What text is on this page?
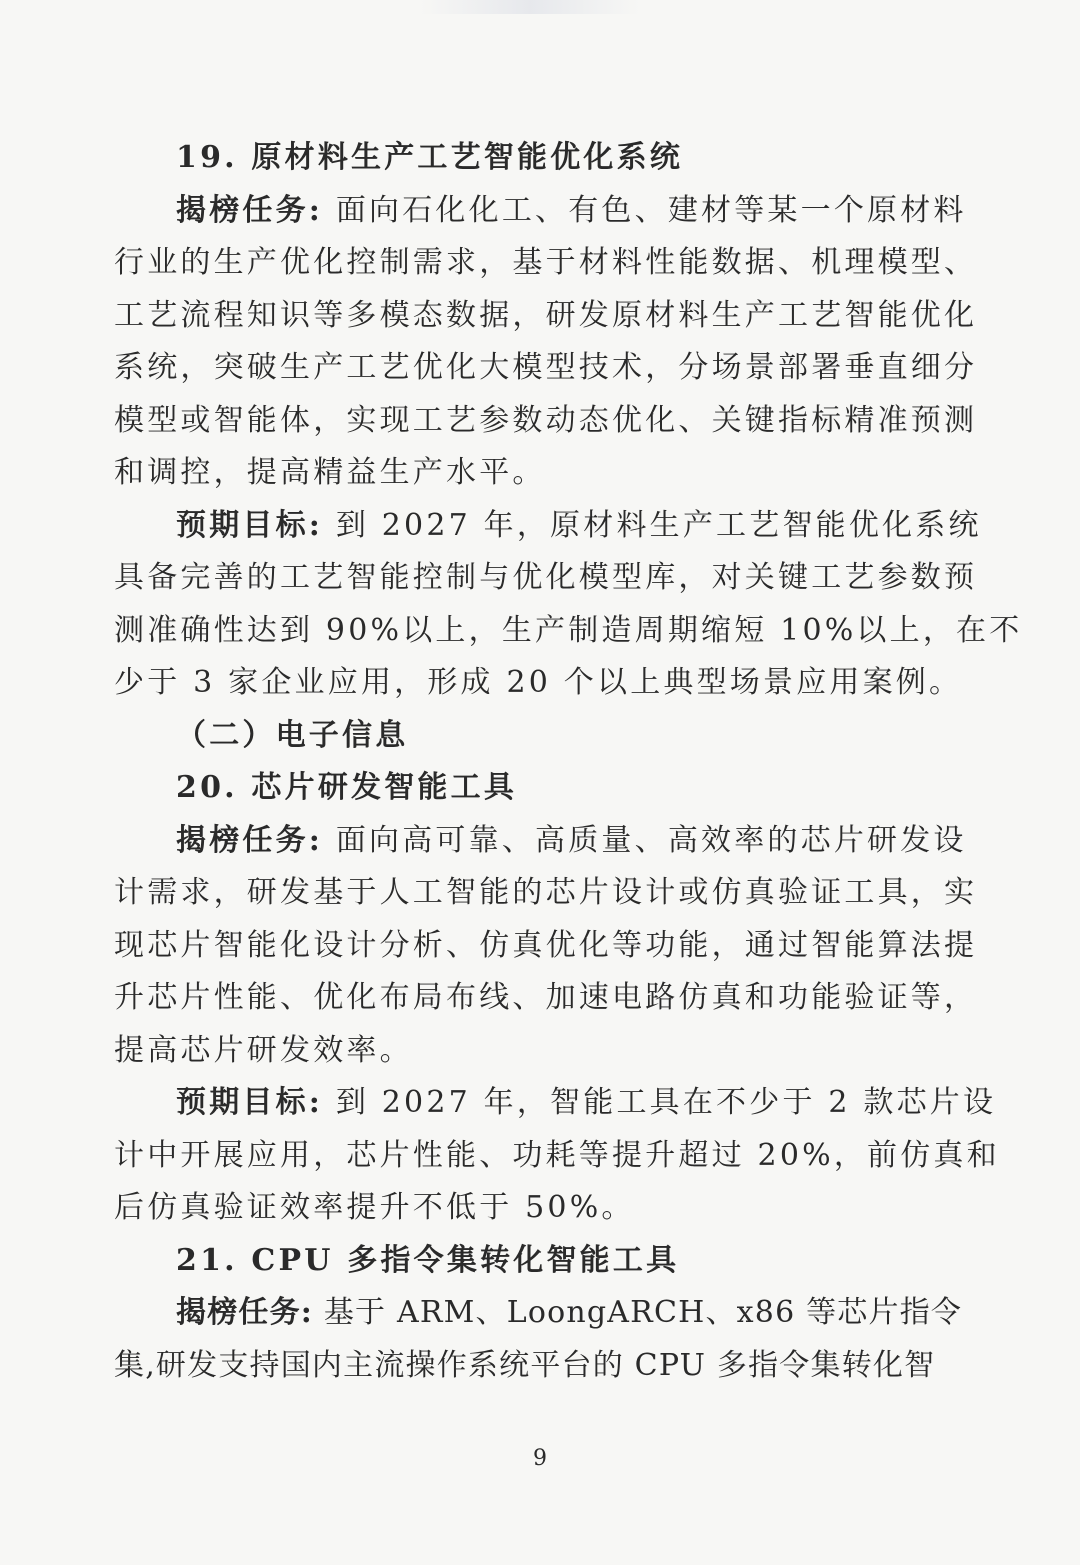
19. 原材料生产工艺智能优化系统
揭榜任务: 面向石化化工、有色、建材等某一个原材料
行业的生产优化控制需求，基于材料性能数据、机理模型、
工艺流程知识等多模态数据，研发原材料生产工艺智能优化
系统，突破生产工艺优化大模型技术，分场景部署垂直细分
模型或智能体，实现工艺参数动态优化、关键指标精准预测
和调控，提高精益生产水平。
预期目标: 到 2027 年，原材料生产工艺智能优化系统
具备完善的工艺智能控制与优化模型库，对关键工艺参数预
测准确性达到 90%以上，生产制造周期缩短 10%以上，在不
少于 3 家企业应用，形成 20 个以上典型场景应用案例。
（二）电子信息
20. 芯片研发智能工具
揭榜任务: 面向高可靠、高质量、高效率的芯片研发设
计需求，研发基于人工智能的芯片设计或仿真验证工具，实
现芯片智能化设计分析、仿真优化等功能，通过智能算法提
升芯片性能、优化布局布线、加速电路仿真和功能验证等，
提高芯片研发效率。
预期目标: 到 2027 年，智能工具在不少于 2 款芯片设
计中开展应用，芯片性能、功耗等提升超过 20%，前仿真和
后仿真验证效率提升不低于 50%。
21. CPU 多指令集转化智能工具
揭榜任务: 基于 ARM、LoongARCH、x86 等芯片指令
集,研发支持国内主流操作系统平台的 CPU 多指令集转化智
9
